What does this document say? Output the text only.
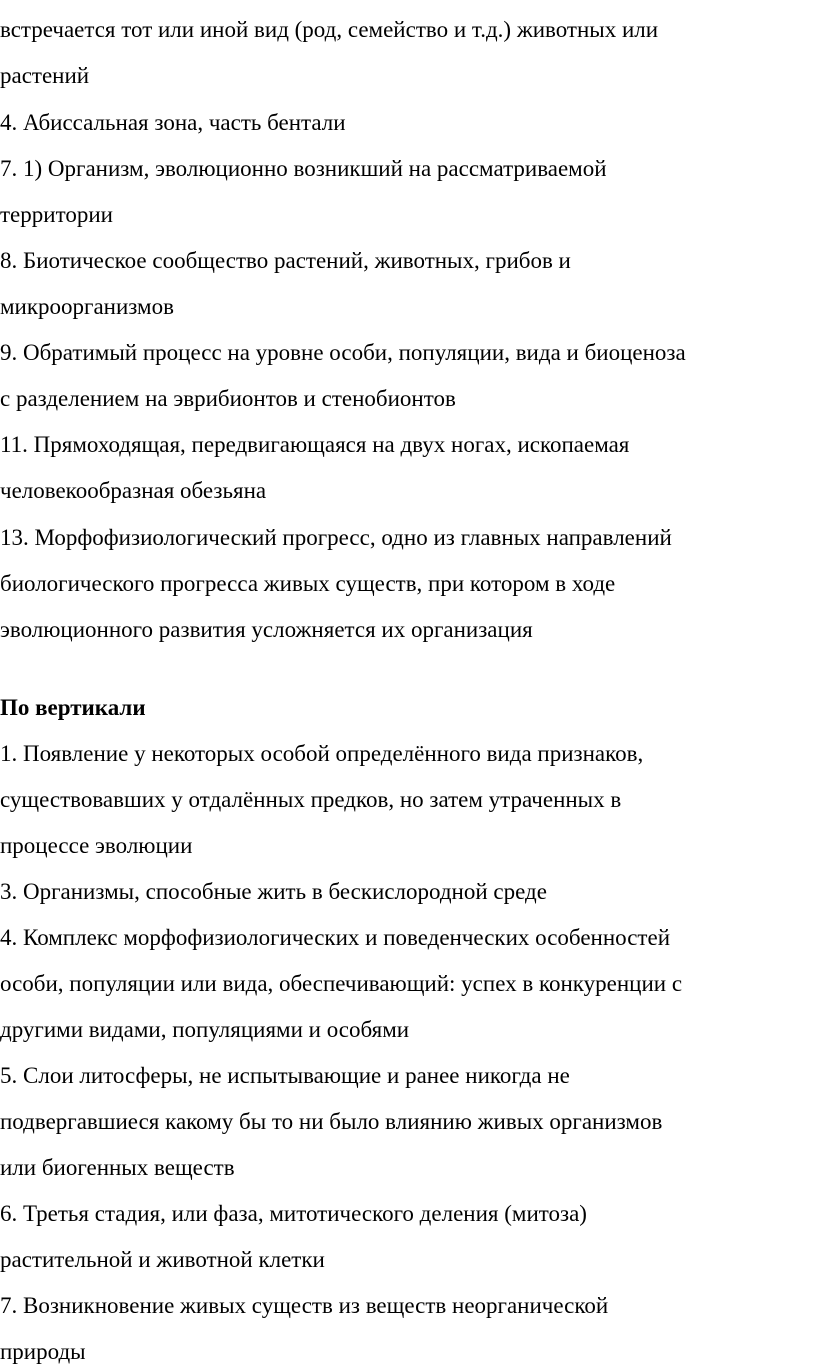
встречается тот или иной вид (род, семейство и т.д.) животных или
растений
4. Абиссальная зона, часть бентали
7. 1) Организм, эволюционно возникший на рассматриваемой
территории
8. Биотическое сообщество растений, животных, грибов и
микроорганизмов
9. Обратимый процесс на уровне особи, популяции, вида и биоценоза
с разделением на эврибионтов и стенобионтов
11. Прямоходящая, передвигающаяся на двух ногах, ископаемая
человекообразная обезьяна
13. Морфофизиологический прогресс, одно из главных направлений
биологического прогресса живых существ, при котором в ходе
эволюционного развития усложняется их организация
По вертикали
1. Появление у некоторых особой определённого вида признаков,
существовавших у отдалённых предков, но затем утраченных в
процессе эволюции
3. Организмы, способные жить в бескислородной среде
4. Комплекс морфофизиологических и поведенческих особенностей
особи, популяции или вида, обеспечивающий: успех в конкуренции с
другими видами, популяциями и особями
5. Слои литосферы, не испытывающие и ранее никогда не
подвергавшиеся какому бы то ни было влиянию живых организмов
или биогенных веществ
6. Третья стадия, или фаза, митотического деления (митоза)
растительной и животной клетки
7. Возникновение живых существ из веществ неорганической
природы
